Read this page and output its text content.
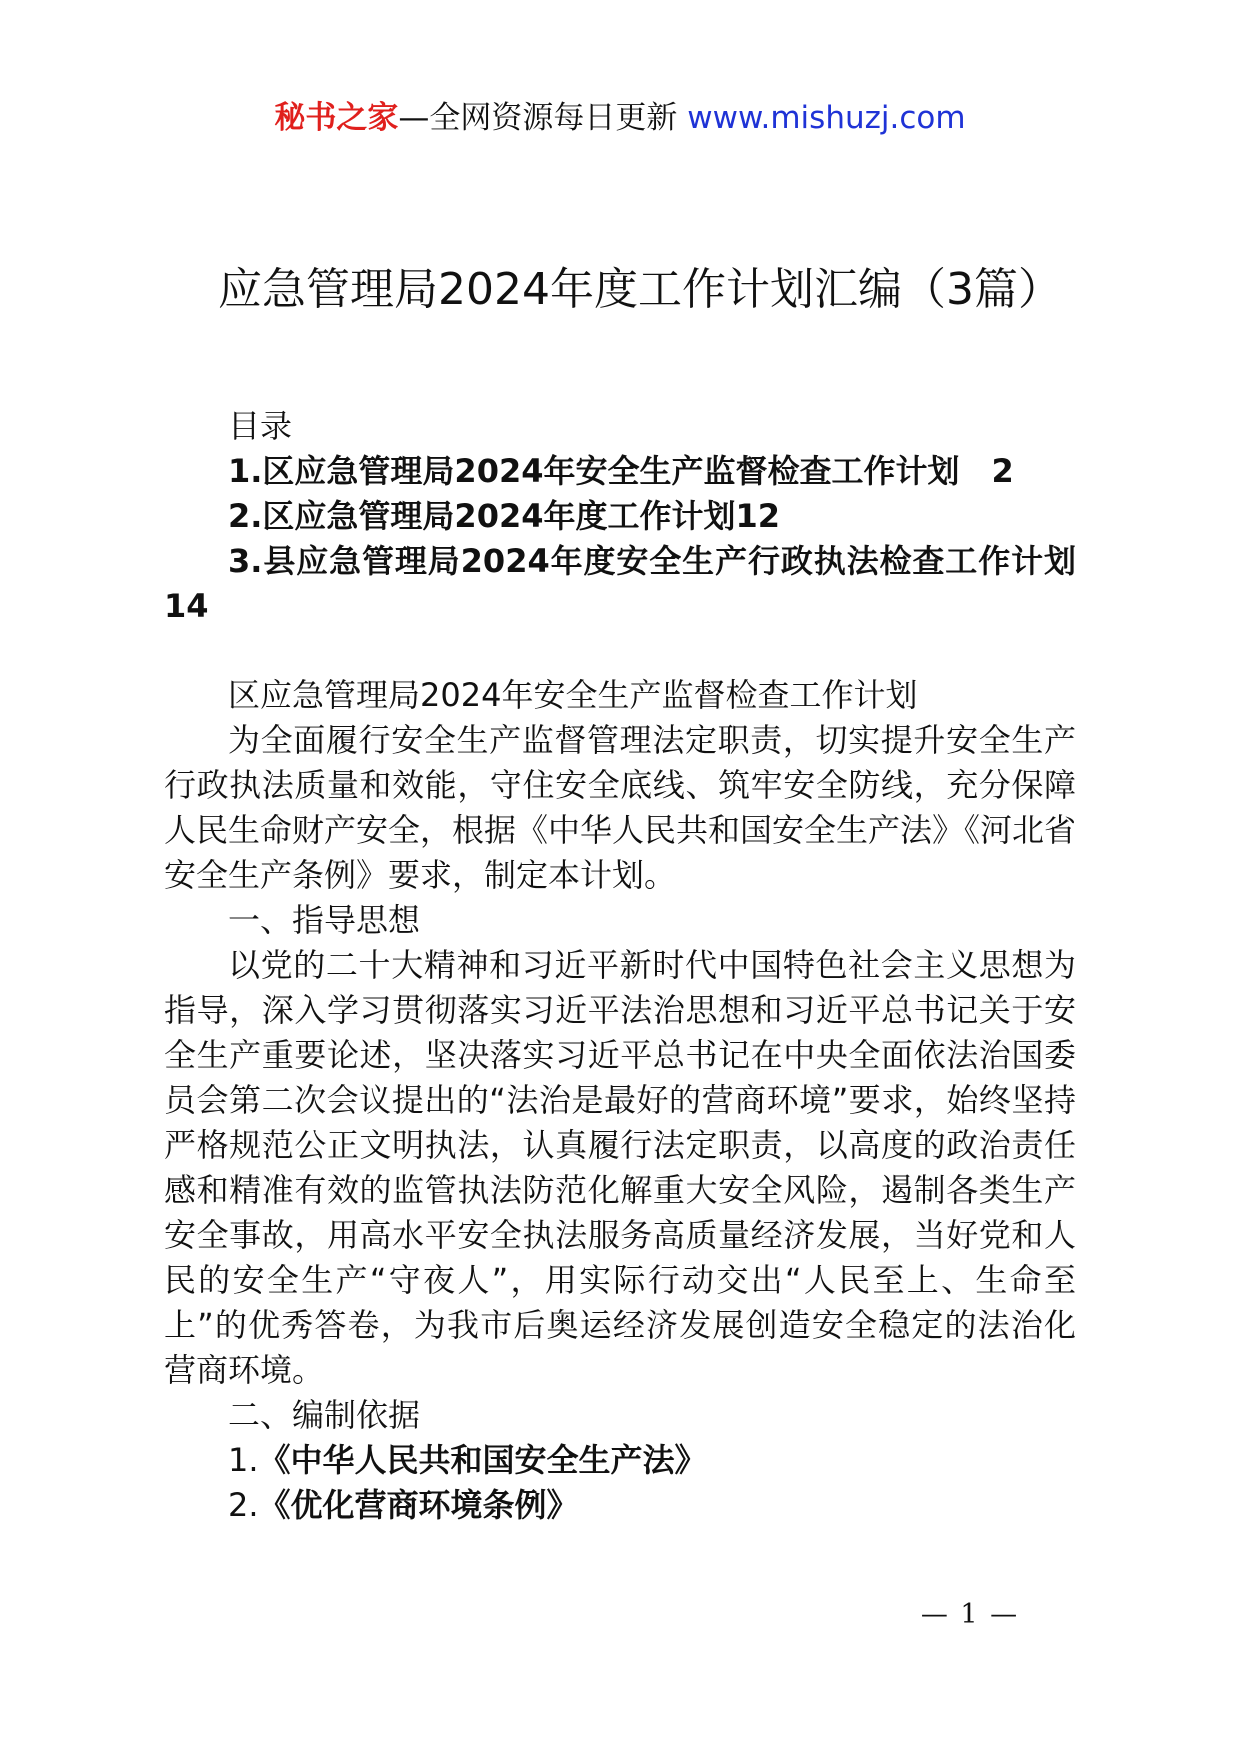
秘书之家—全网资源每日更新 www.mishuzj.com
应急管理局2024年度工作计划汇编（3篇）

目录

1.区应急管理局2024年安全生产监督检查工作计划　2

2.区应急管理局2024年度工作计划12

3.县应急管理局2024年度安全生产行政执法检查工作计划14

区应急管理局2024年安全生产监督检查工作计划

为全面履行安全生产监督管理法定职责，切实提升安全生产行政执法质量和效能，守住安全底线、筑牢安全防线，充分保障人民生命财产安全，根据《中华人民共和国安全生产法》《河北省安全生产条例》要求，制定本计划。

一、指导思想

以党的二十大精神和习近平新时代中国特色社会主义思想为指导，深入学习贯彻落实习近平法治思想和习近平总书记关于安全生产重要论述，坚决落实习近平总书记在中央全面依法治国委员会第二次会议提出的“法治是最好的营商环境”要求，始终坚持严格规范公正文明执法，认真履行法定职责，以高度的政治责任感和精准有效的监管执法防范化解重大安全风险，遏制各类生产安全事故，用高水平安全执法服务高质量经济发展，当好党和人民的安全生产“守夜人”，用实际行动交出“人民至上、生命至上”的优秀答卷，为我市后奥运经济发展创造安全稳定的法治化营商环境。

二、编制依据

1.《中华人民共和国安全生产法》

2.《优化营商环境条例》

— 1 —
